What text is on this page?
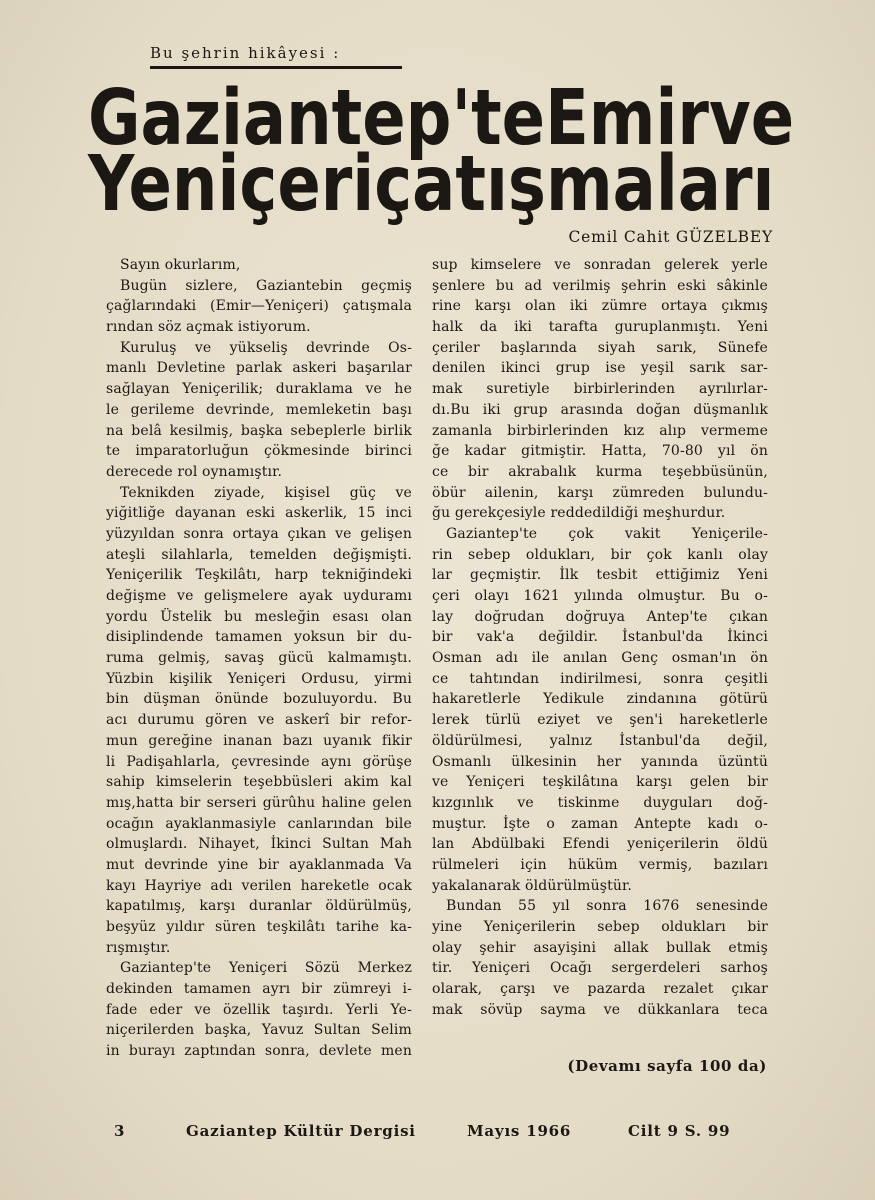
Bu şehrin hikâyesi :
Gaziantep'te Emir ve
Yeniçeri çatışmaları
Cemil Cahit GÜZELBEY
Sayın okurlarım,
Bugün sizlere, Gaziantebin geçmiş
çağlarındaki (Emir—Yeniçeri) çatışmala
rından söz açmak istiyorum.
Kuruluş ve yükseliş devrinde Os-
manlı Devletine parlak askeri başarılar
sağlayan Yeniçerilik; duraklama ve he
le gerileme devrinde, memleketin başı
na belâ kesilmiş, başka sebeplerle birlik
te imparatorluğun çökmesinde birinci
derecede rol oynamıştır.
Teknikden ziyade, kişisel güç ve
yiğitliğe dayanan eski askerlik, 15 inci
yüzyıldan sonra ortaya çıkan ve gelişen
ateşli silahlarla, temelden değişmişti.
Yeniçerilik Teşkilâtı, harp tekniğindeki
değişme ve gelişmelere ayak uyduramı
yordu Üstelik bu mesleğin esası olan
disiplindende tamamen yoksun bir du-
ruma gelmiş, savaş gücü kalmamıştı.
Yüzbin kişilik Yeniçeri Ordusu, yirmi
bin düşman önünde bozuluyordu. Bu
acı durumu gören ve askerî bir refor-
mun gereğine inanan bazı uyanık fikir
li Padişahlarla, çevresinde aynı görüşe
sahip kimselerin teşebbüsleri akim kal
mış,hatta bir serseri gürûhu haline gelen
ocağın ayaklanmasiyle canlarından bile
olmuşlardı. Nihayet, İkinci Sultan Mah
mut devrinde yine bir ayaklanmada Va
kayı Hayriye adı verilen hareketle ocak
kapatılmış, karşı duranlar öldürülmüş,
beşyüz yıldır süren teşkilâtı tarihe ka-
rışmıştır.
Gaziantep'te Yeniçeri Sözü Merkez
dekinden tamamen ayrı bir zümreyi i-
fade eder ve özellik taşırdı. Yerli Ye-
niçerilerden başka, Yavuz Sultan Selim
in burayı zaptından sonra, devlete men
sup kimselere ve sonradan gelerek yerle
şenlere bu ad verilmiş şehrin eski sâkinle
rine karşı olan iki zümre ortaya çıkmış
halk da iki tarafta guruplanmıştı. Yeni
çeriler başlarında siyah sarık, Sünefe
denilen ikinci grup ise yeşil sarık sar-
mak suretiyle birbirlerinden ayrılırlar-
dı.Bu iki grup arasında doğan düşmanlık
zamanla birbirlerinden kız alıp vermeme
ğe kadar gitmiştir. Hatta, 70-80 yıl ön
ce bir akrabalık kurma teşebbüsünün,
öbür ailenin, karşı zümreden bulundu-
ğu gerekçesiyle reddedildiği meşhurdur.
Gaziantep'te çok vakit Yeniçerile-
rin sebep oldukları, bir çok kanlı olay
lar geçmiştir. İlk tesbit ettiğimiz Yeni
çeri olayı 1621 yılında olmuştur. Bu o-
lay doğrudan doğruya Antep'te çıkan
bir vak'a değildir. İstanbul'da İkinci
Osman adı ile anılan Genç osman'ın ön
ce tahtından indirilmesi, sonra çeşitli
hakaretlerle Yedikule zindanına götürü
lerek türlü eziyet ve şen'i hareketlerle
öldürülmesi, yalnız İstanbul'da değil,
Osmanlı ülkesinin her yanında üzüntü
ve Yeniçeri teşkilâtına karşı gelen bir
kızgınlık ve tiskinme duyguları doğ-
muştur. İşte o zaman Antepte kadı o-
lan Abdülbaki Efendi yeniçerilerin öldü
rülmeleri için hüküm vermiş, bazıları
yakalanarak öldürülmüştür.
Bundan 55 yıl sonra 1676 senesinde
yine Yeniçerilerin sebep oldukları bir
olay şehir asayişini allak bullak etmiş
tir. Yeniçeri Ocağı sergerdeleri sarhoş
olarak, çarşı ve pazarda rezalet çıkar
mak sövüp sayma ve dükkanlara teca
(Devamı sayfa 100 da)
3	Gaziantep Kültür Dergisi	Mayıs 1966	Cilt 9 S. 99
